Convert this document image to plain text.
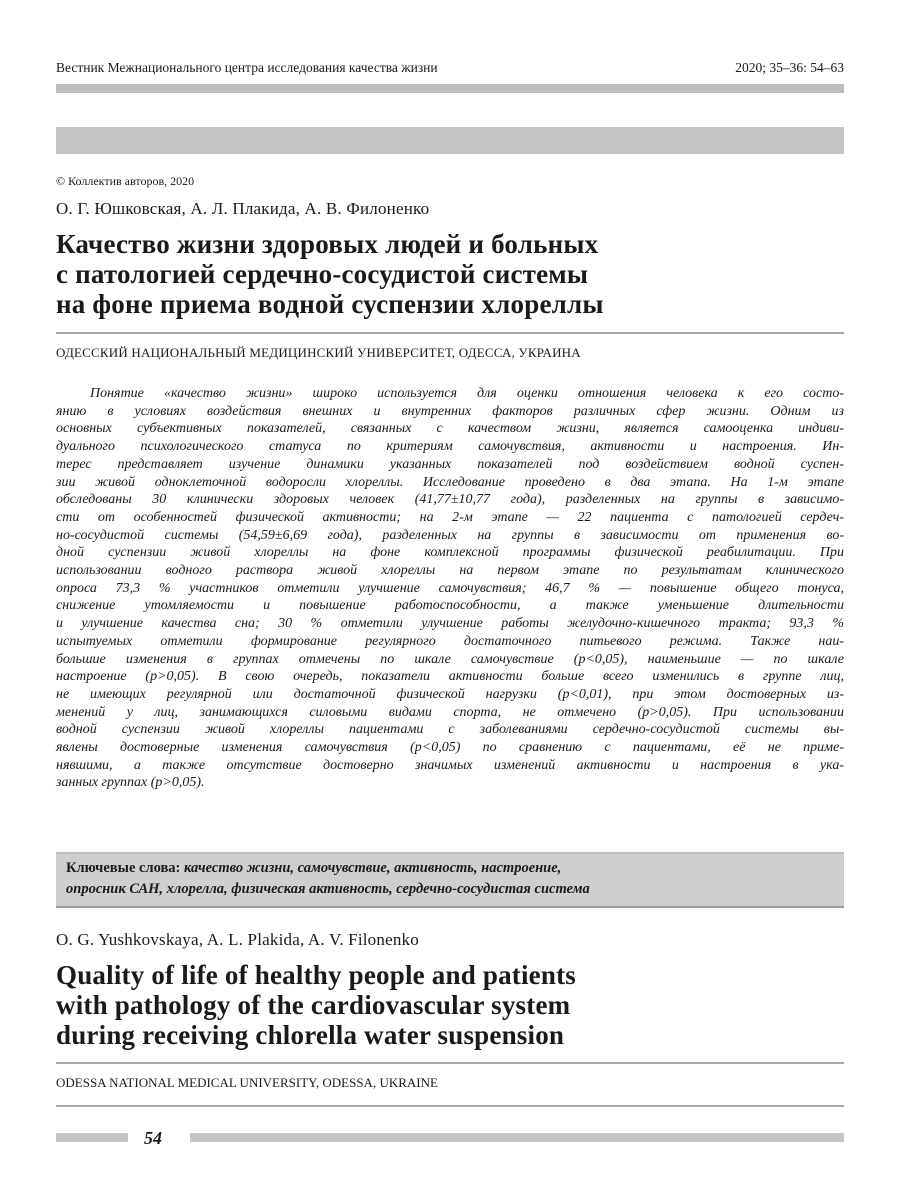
Вестник Межнационального центра исследования качества жизни	2020; 35–36: 54–63
© Коллектив авторов, 2020
О. Г. Юшковская, А. Л. Плакида, А. В. Филоненко
Качество жизни здоровых людей и больных
с патологией сердечно-сосудистой системы
на фоне приема водной суспензии хлореллы
ОДЕССКИЙ НАЦИОНАЛЬНЫЙ МЕДИЦИНСКИЙ УНИВЕРСИТЕТ, ОДЕССА, УКРАИНА

Понятие «качество жизни» широко используется для оценки отношения человека к его состо-
янию в условиях воздействия внешних и внутренних факторов различных сфер жизни. Одним из
основных субъективных показателей, связанных с качеством жизни, является самооценка индиви-
дуального психологического статуса по критериям самочувствия, активности и настроения. Ин-
терес представляет изучение динамики указанных показателей под воздействием водной суспен-
зии живой одноклеточной водоросли хлореллы. Исследование проведено в два этапа. На 1-м этапе
обследованы 30 клинически здоровых человек (41,77±10,77 года), разделенных на группы в зависимо-
сти от особенностей физической активности; на 2-м этапе — 22 пациента с патологией сердеч-
но-сосудистой системы (54,59±6,69 года), разделенных на группы в зависимости от применения во-
дной суспензии живой хлореллы на фоне комплексной программы физической реабилитации. При
использовании водного раствора живой хлореллы на первом этапе по результатам клинического
опроса 73,3 % участников отметили улучшение самочувствия; 46,7 % — повышение общего тонуса,
снижение утомляемости и повышение работоспособности, а также уменьшение длительности
и улучшение качества сна; 30 % отметили улучшение работы желудочно-кишечного тракта; 93,3 %
испытуемых отметили формирование регулярного достаточного питьевого режима. Также наи-
большие изменения в группах отмечены по шкале самочувствие (p<0,05), наименьшие — по шкале
настроение (p>0,05). В свою очередь, показатели активности больше всего изменились в группе лиц,
не имеющих регулярной или достаточной физической нагрузки (p<0,01), при этом достоверных из-
менений у лиц, занимающихся силовыми видами спорта, не отмечено (p>0,05). При использовании
водной суспензии живой хлореллы пациентами с заболеваниями сердечно-сосудистой системы вы-
явлены достоверные изменения самочувствия (p<0,05) по сравнению с пациентами, её не приме-
нявшими, а также отсутствие достоверно значимых изменений активности и настроения в ука-
занных группах (p>0,05).

Ключевые слова: качество жизни, самочувствие, активность, настроение,
опросник САН, хлорелла, физическая активность, сердечно-сосудистая система
O. G. Yushkovskaya, A. L. Plakida, A. V. Filonenko
Quality of life of healthy people and patients
with pathology of the cardiovascular system
during receiving chlorella water suspension
ODESSA NATIONAL MEDICAL UNIVERSITY, ODESSA, UKRAINE
54
